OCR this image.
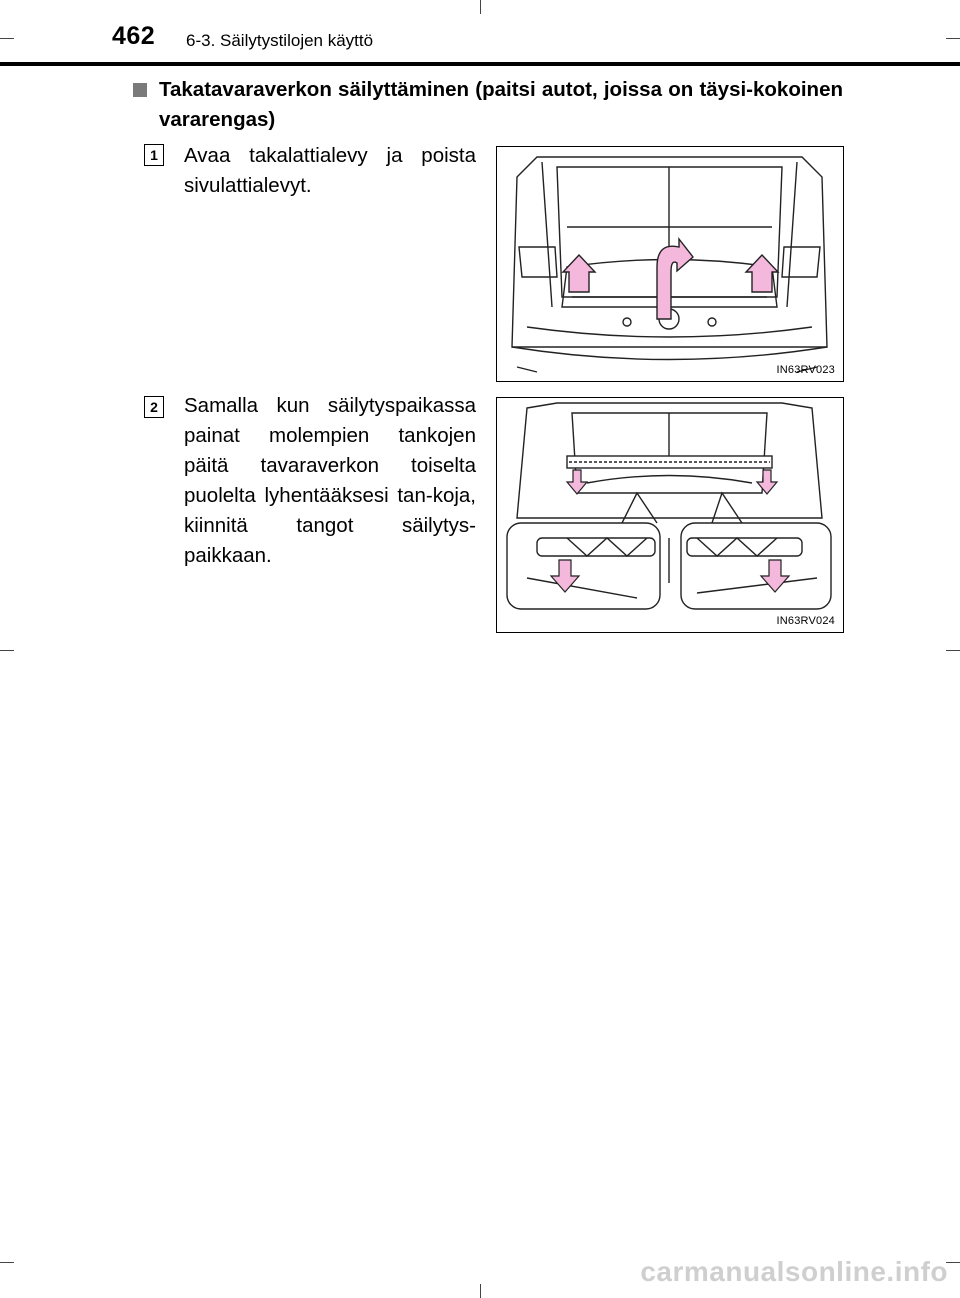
462 6-3. Säilytystilojen käyttö
Takatavaraverkon säilyttäminen (paitsi autot, joissa on täysi-kokoinen vararengas)
1 Avaa takalattialevy ja poista sivulattialevyt.
IN63RV023
2 Samalla kun säilytyspaikassa painat molempien tankojen päitä tavaraverkon toiselta puolelta lyhentääksesi tan-koja, kiinnitä tangot säilytys-paikkaan.
IN63RV024
carmanualsonline.info
